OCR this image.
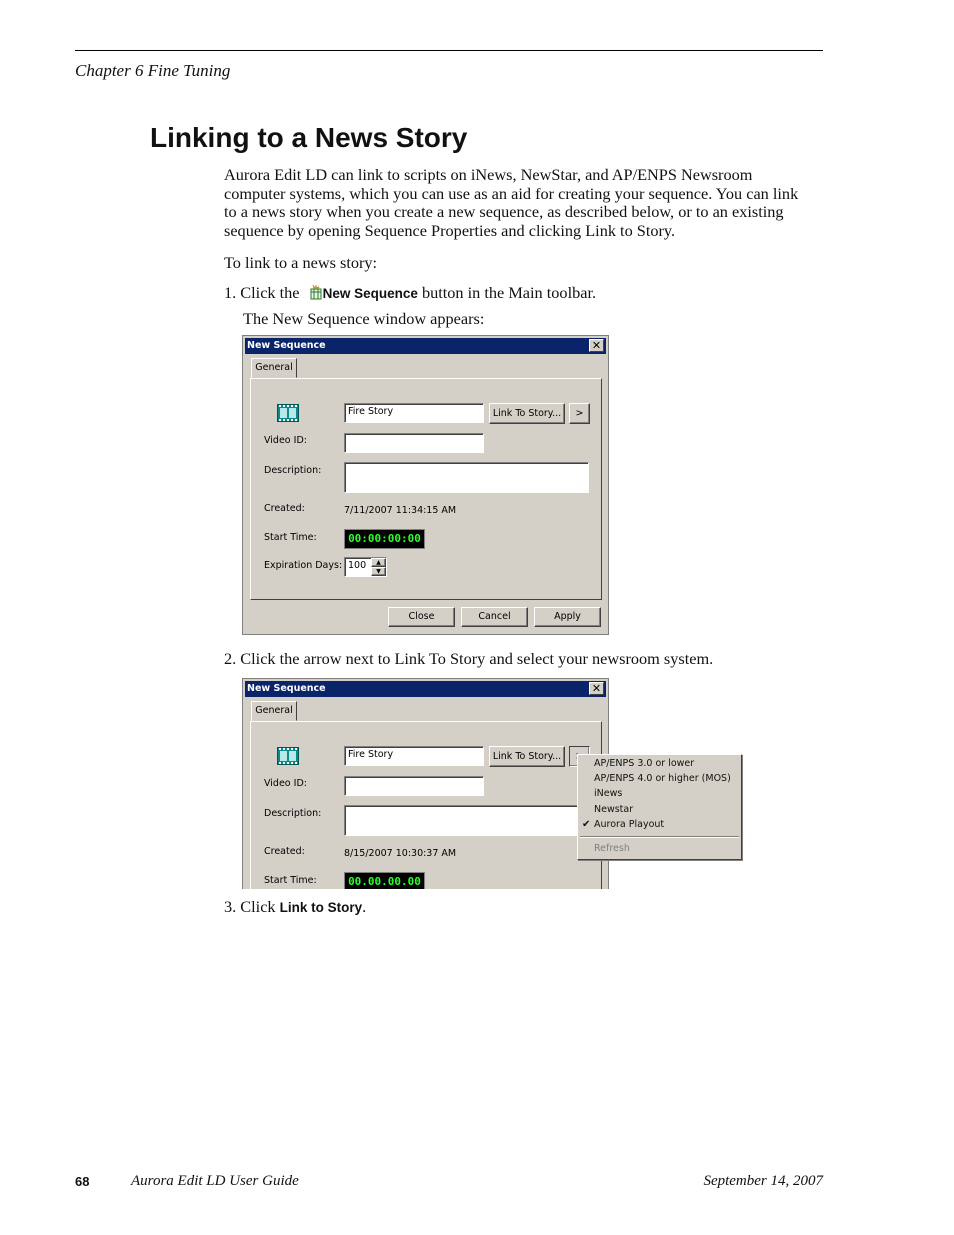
Chapter 6 Fine Tuning
Linking to a News Story
Aurora Edit LD can link to scripts on iNews, NewStar, and AP/ENPS Newsroom computer systems, which you can use as an aid for creating your sequence. You can link to a news story when you create a new sequence, as described below, or to an existing sequence by opening Sequence Properties and clicking Link to Story.
To link to a news story:
1. Click the New Sequence button in the Main toolbar.
The New Sequence window appears:
New Sequence	✕
General
Fire Story	Link To Story...	>
Video ID:
Description:
Created:	7/11/2007 11:34:15 AM
Start Time:	00:00:00:00
Expiration Days: 100	▲
▼
Close	Cancel	Apply
2. Click the arrow next to Link To Story and select your newsroom system.
New Sequence	✕
General
Fire Story	Link To Story...
Video ID:
Description:
Created:	8/15/2007 10:30:37 AM
Start Time:	00.00.00.00
AP/ENPS 3.0 or lower
AP/ENPS 4.0 or higher (MOS)
iNews
Newstar
✔ Aurora Playout
Refresh
3. Click Link to Story.
68	Aurora Edit LD User Guide	September 14, 2007
